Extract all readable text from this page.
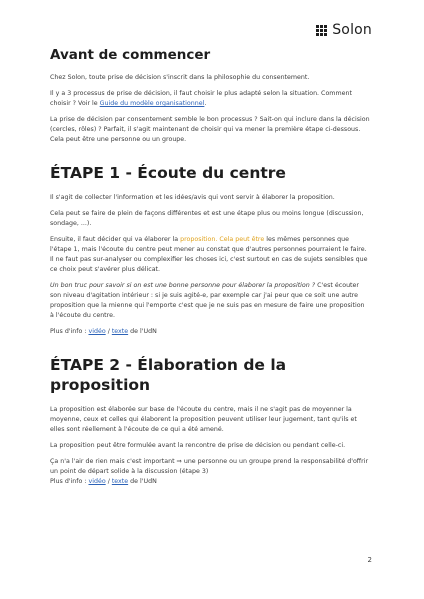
Solon
Avant de commencer

Chez Solon, toute prise de décision s'inscrit dans la philosophie du consentement.

Il y a 3 processus de prise de décision, il faut choisir le plus adapté selon la situation. Comment choisir ? Voir le Guide du modèle organisationnel.

La prise de décision par consentement semble le bon processus ? Sait-on qui inclure dans la décision (cercles, rôles) ? Parfait, il s'agit maintenant de choisir qui va mener la première étape ci-dessous. Cela peut être une personne ou un groupe.

ÉTAPE 1 - Écoute du centre

Il s'agit de collecter l'information et les idées/avis qui vont servir à élaborer la proposition.

Cela peut se faire de plein de façons différentes et est une étape plus ou moins longue (discussion, sondage, ...).

Ensuite, il faut décider qui va élaborer la proposition. Cela peut être les mêmes personnes que l'étape 1, mais l'écoute du centre peut mener au constat que d'autres personnes pourraient le faire. Il ne faut pas sur-analyser ou complexifier les choses ici, c'est surtout en cas de sujets sensibles que ce choix peut s'avérer plus délicat.

Un bon truc pour savoir si on est une bonne personne pour élaborer la proposition ? C'est écouter son niveau d'agitation intérieur : si je suis agité-e, par exemple car j'ai peur que ce soit une autre proposition que la mienne qui l'emporte c'est que je ne suis pas en mesure de faire une proposition à l'écoute du centre.

Plus d'info : vidéo / texte de l'UdN

ÉTAPE 2 - Élaboration de la proposition

La proposition est élaborée sur base de l'écoute du centre, mais il ne s'agit pas de moyenner la moyenne, ceux et celles qui élaborent la proposition peuvent utiliser leur jugement, tant qu'ils et elles sont réellement à l'écoute de ce qui a été amené.

La proposition peut être formulée avant la rencontre de prise de décision ou pendant celle-ci.

Ça n'a l'air de rien mais c'est important ⇒ une personne ou un groupe prend la responsabilité d'offrir un point de départ solide à la discussion (étape 3)

Plus d'info : vidéo / texte de l'UdN

2
